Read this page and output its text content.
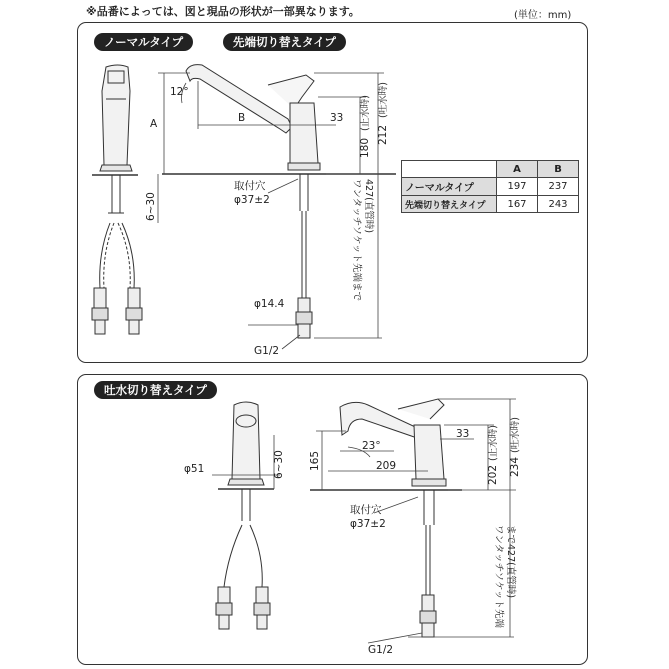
※品番によっては、図と現品の形状が一部異なります。	(単位：mm)
ノーマルタイプ	先端切り替えタイプ
12°
A	B	33
180
(止水時)
212
(吐水時)
6~30
取付穴
φ37±2	ワンタッチソケット先端まで 427(直管時)
φ14.4
G1/2
	A	B
ノーマルタイプ	197	237
先端切り替えタイプ	167	243
吐水切り替えタイプ
φ51	6~30 165
23°
33
209	202
(止水時)
234
(吐水時)
取付穴
φ37±2
ワンタッチソケット先端 まで427(直管時)
G1/2
